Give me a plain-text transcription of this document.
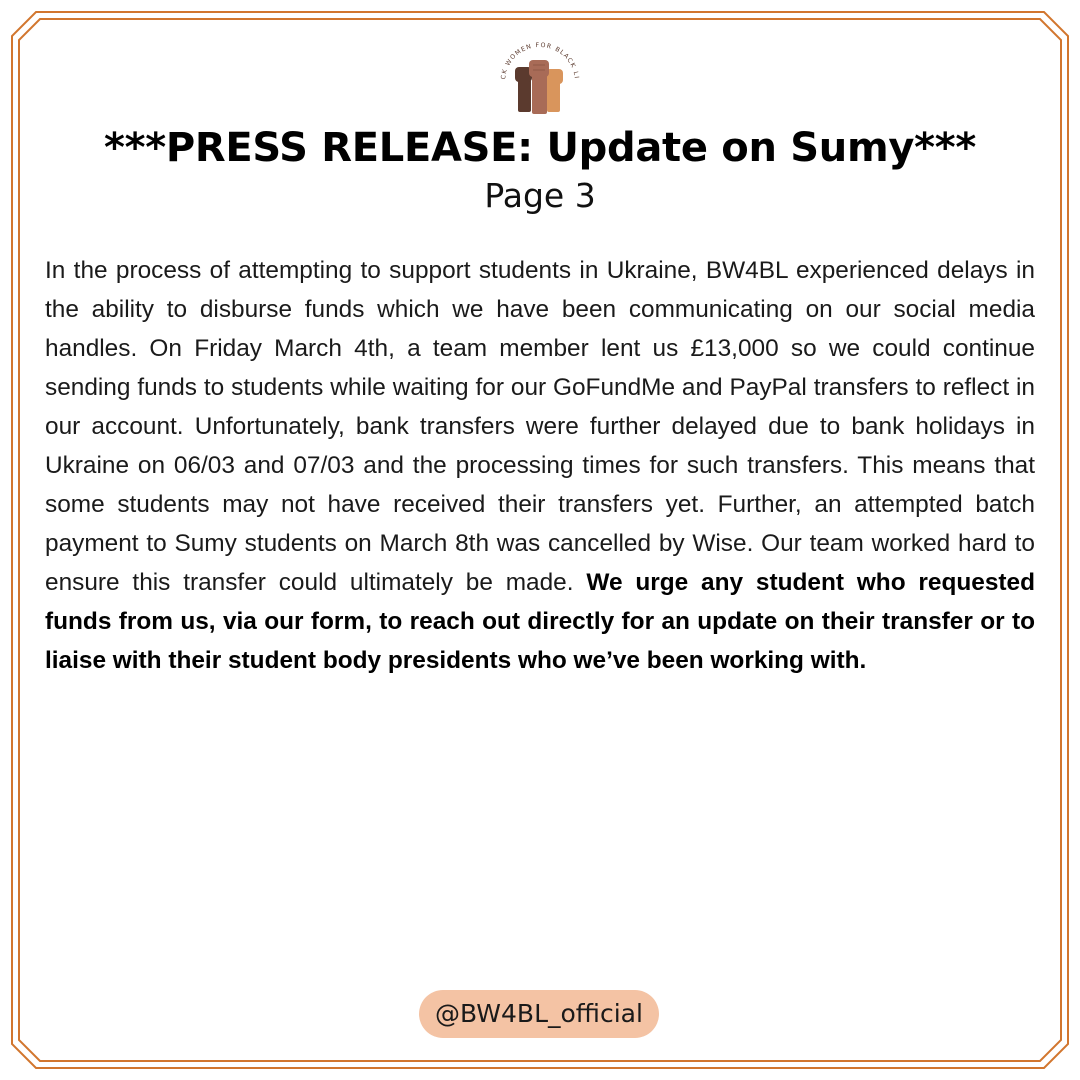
CK WOMEN FOR BLACK LI
***PRESS RELEASE: Update on Sumy***
Page 3
In the process of attempting to support students in Ukraine, BW4BL experienced delays in the ability to disburse funds which we have been communicating on our social media handles. On Friday March 4th, a team member lent us £13,000 so we could continue sending funds to students while waiting for our GoFundMe and PayPal transfers to reflect in our account. Unfortunately, bank transfers were further delayed due to bank holidays in Ukraine on 06/03 and 07/03 and the processing times for such transfers. This means that some students may not have received their transfers yet. Further, an attempted batch payment to Sumy students on March 8th was cancelled by Wise. Our team worked hard to ensure this transfer could ultimately be made. We urge any student who requested funds from us, via our form, to reach out directly for an update on their transfer or to liaise with their student body presidents who we’ve been working with.
@BW4BL_official
